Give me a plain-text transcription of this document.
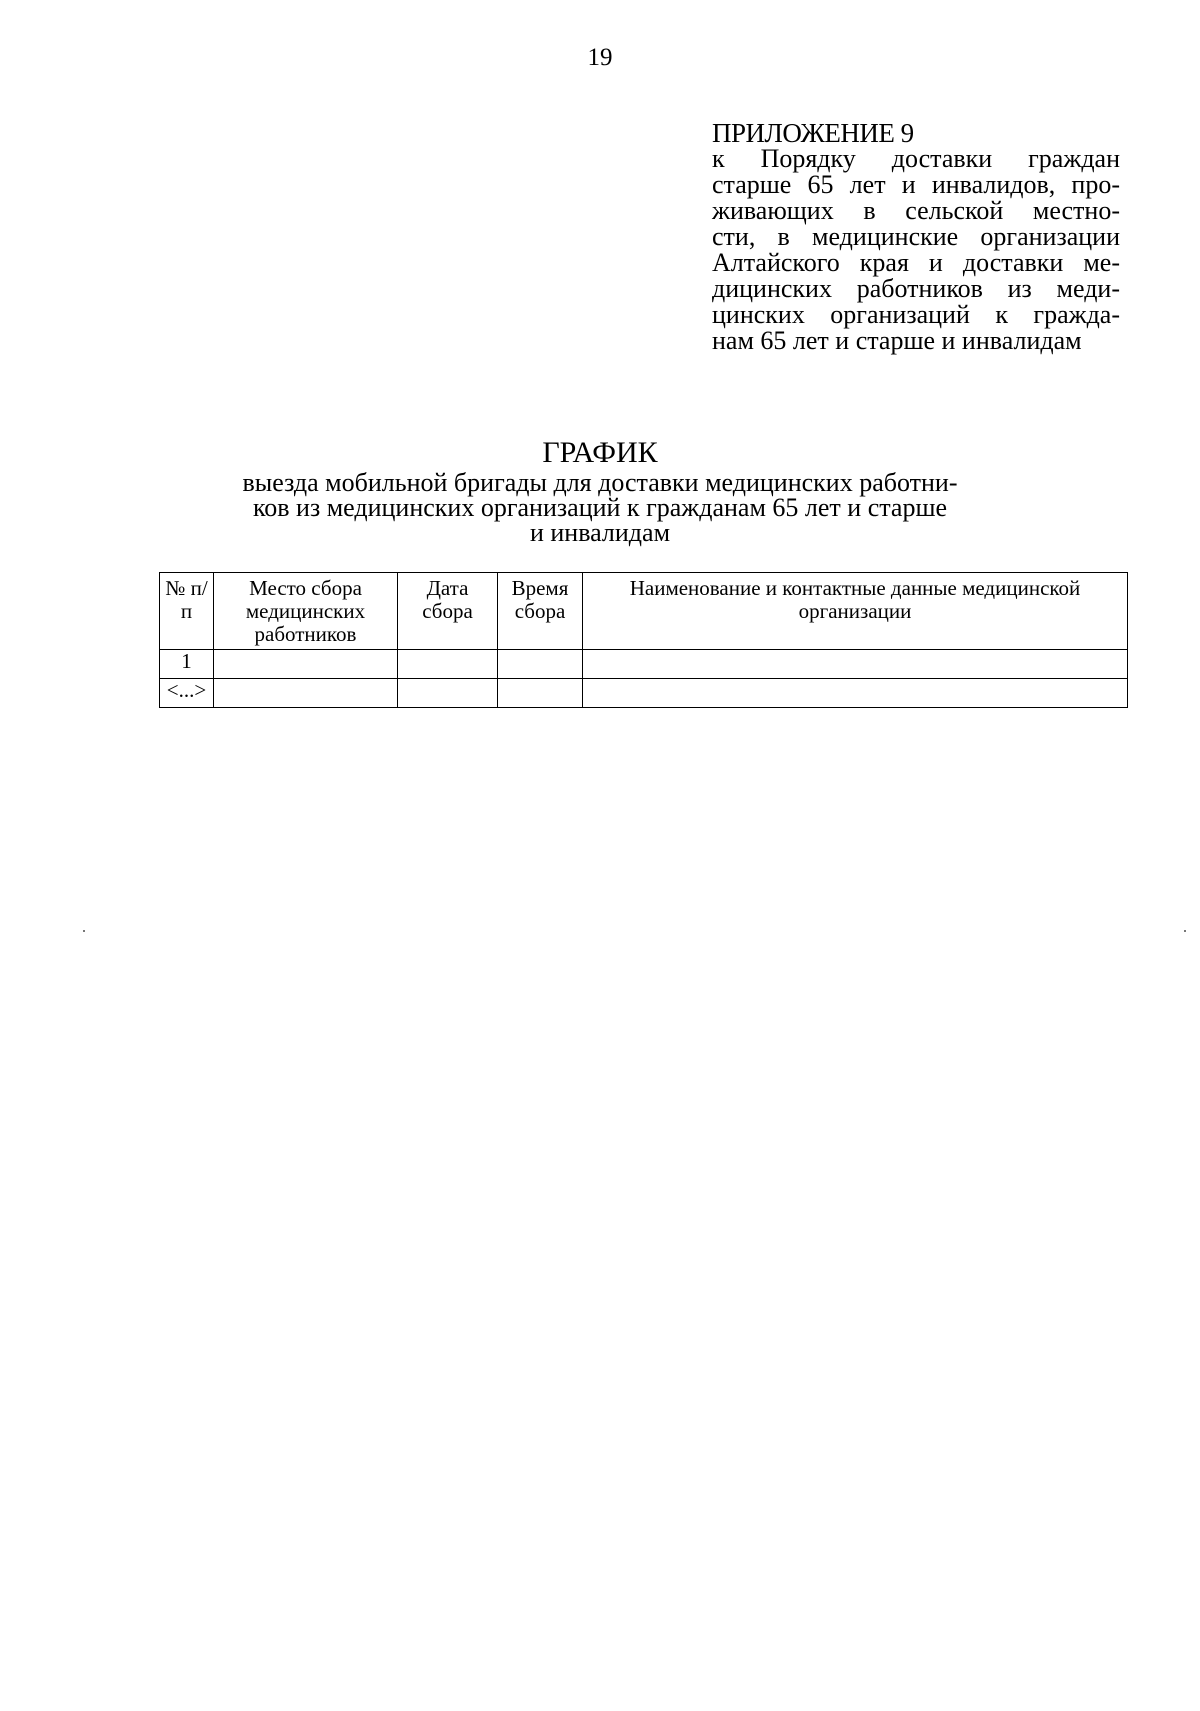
19
ПРИЛОЖЕНИЕ 9
к Порядку доставки граждан
старше 65 лет и инвалидов, про-
живающих в сельской местно-
сти, в медицинские организации
Алтайского края и доставки ме-
дицинских работников из меди-
цинских организаций к гражда-
нам 65 лет и старше и инвалидам
ГРАФИК
выезда мобильной бригады для доставки медицинских работни-
ков из медицинских организаций к гражданам 65 лет и старше
и инвалидам
№ п/п	Место сбора медицинских работников	Дата сбора	Время сбора	Наименование и контактные данные медицинской организации
1				
<...>				
